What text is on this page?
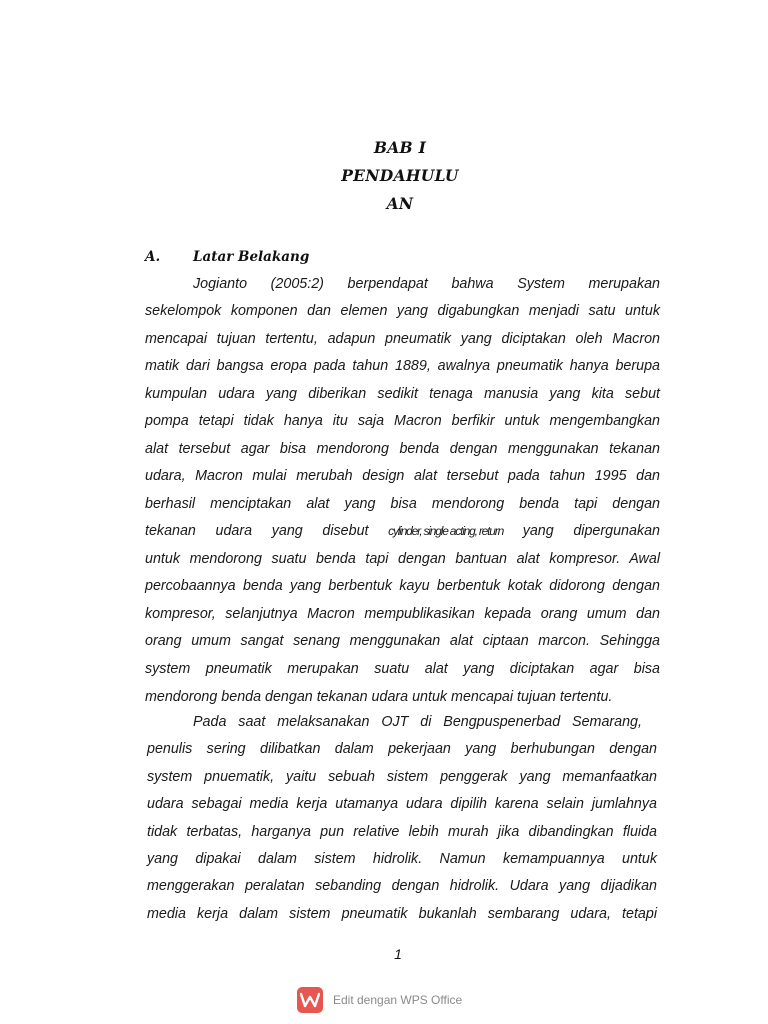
BAB I
PENDAHULU
AN
A. Latar Belakang
Jogianto (2005:2) berpendapat bahwa System merupakan
sekelompok komponen dan elemen yang digabungkan menjadi satu untuk
mencapai tujuan tertentu, adapun pneumatik yang diciptakan oleh Macron
matik dari bangsa eropa pada tahun 1889, awalnya pneumatik hanya berupa
kumpulan udara yang diberikan sedikit tenaga manusia yang kita sebut
pompa tetapi tidak hanya itu saja Macron berfikir untuk mengembangkan
alat tersebut agar bisa mendorong benda dengan menggunakan tekanan
udara, Macron mulai merubah design alat tersebut pada tahun 1995 dan
berhasil menciptakan alat yang bisa mendorong benda tapi dengan
tekanan udara yang disebut cylinder, single acting, return yang dipergunakan
untuk mendorong suatu benda tapi dengan bantuan alat kompresor. Awal
percobaannya benda yang berbentuk kayu berbentuk kotak didorong dengan
kompresor, selanjutnya Macron mempublikasikan kepada orang umum dan
orang umum sangat senang menggunakan alat ciptaan marcon. Sehingga
system pneumatik merupakan suatu alat yang diciptakan agar bisa
mendorong benda dengan tekanan udara untuk mencapai tujuan tertentu.
Pada saat melaksanakan OJT di Bengpuspenerbad Semarang,
penulis sering dilibatkan dalam pekerjaan yang berhubungan dengan
system pnuematik, yaitu sebuah sistem penggerak yang memanfaatkan
udara sebagai media kerja utamanya udara dipilih karena selain jumlahnya
tidak terbatas, harganya pun relative lebih murah jika dibandingkan fluida
yang dipakai dalam sistem hidrolik. Namun kemampuannya untuk
menggerakan peralatan sebanding dengan hidrolik. Udara yang dijadikan
media kerja dalam sistem pneumatik bukanlah sembarang udara, tetapi
1
Edit dengan WPS Office
